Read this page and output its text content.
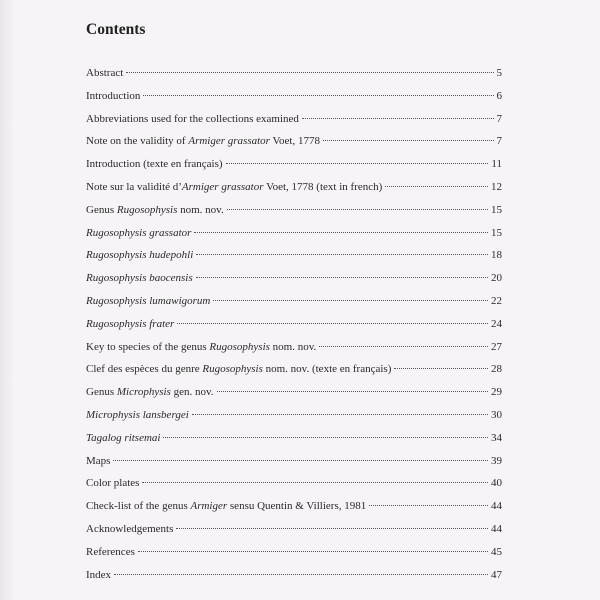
Contents
Abstract	5
Introduction	6
Abbreviations used for the collections examined	7
Note on the validity of Armiger grassator Voet, 1778	7
Introduction (texte en français)	11
Note sur la validité d’Armiger grassator Voet, 1778 (text in french)	12
Genus Rugosophysis nom. nov.	15
Rugosophysis grassator	15
Rugosophysis hudepohli	18
Rugosophysis baocensis	20
Rugosophysis lumawigorum	22
Rugosophysis frater	24
Key to species of the genus Rugosophysis nom. nov.	27
Clef des espèces du genre Rugosophysis nom. nov. (texte en français)	28
Genus Microphysis gen. nov.	29
Microphysis lansbergei	30
Tagalog ritsemai	34
Maps	39
Color plates	40
Check-list of the genus Armiger sensu Quentin & Villiers, 1981	44
Acknowledgements	44
References	45
Index	47
